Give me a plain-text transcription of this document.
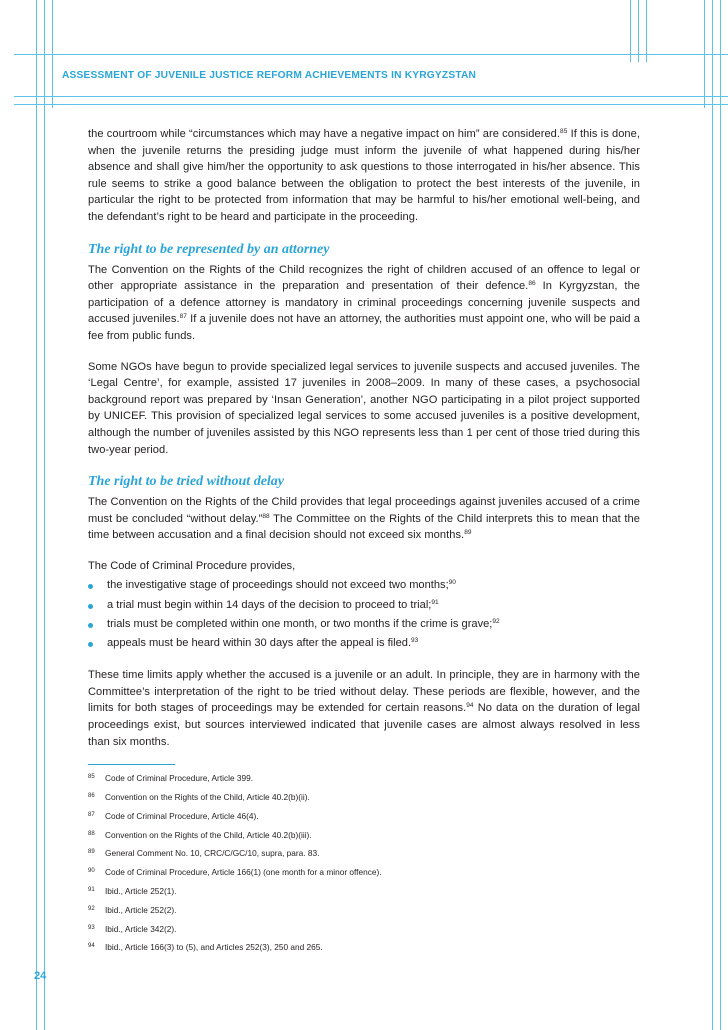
ASSESSMENT OF JUVENILE JUSTICE REFORM ACHIEVEMENTS IN KYRGYZSTAN

the courtroom while “circumstances which may have a negative impact on him” are considered.$^{85}$ If this is done, when the juvenile returns the presiding judge must inform the juvenile of what happened during his/her absence and shall give him/her the opportunity to ask questions to those interrogated in his/her absence. This rule seems to strike a good balance between the obligation to protect the best interests of the juvenile, in particular the right to be protected from information that may be harmful to his/her emotional well-being, and the defendant’s right to be heard and participate in the proceeding.

The right to be represented by an attorney

The Convention on the Rights of the Child recognizes the right of children accused of an offence to legal or other appropriate assistance in the preparation and presentation of their defence.$^{86}$ In Kyrgyzstan, the participation of a defence attorney is mandatory in criminal proceedings concerning juvenile suspects and accused juveniles.$^{87}$ If a juvenile does not have an attorney, the authorities must appoint one, who will be paid a fee from public funds.

Some NGOs have begun to provide specialized legal services to juvenile suspects and accused juveniles. The ‘Legal Centre’, for example, assisted 17 juveniles in 2008–2009. In many of these cases, a psychosocial background report was prepared by ‘Insan Generation’, another NGO participating in a pilot project supported by UNICEF. This provision of specialized legal services to some accused juveniles is a positive development, although the number of juveniles assisted by this NGO represents less than 1 per cent of those tried during this two-year period.

The right to be tried without delay

The Convention on the Rights of the Child provides that legal proceedings against juveniles accused of a crime must be concluded “without delay.”$^{88}$ The Committee on the Rights of the Child interprets this to mean that the time between accusation and a final decision should not exceed six months.$^{89}$

The Code of Criminal Procedure provides,

the investigative stage of proceedings should not exceed two months;$^{90}$
a trial must begin within 14 days of the decision to proceed to trial;$^{91}$
trials must be completed within one month, or two months if the crime is grave;$^{92}$
appeals must be heard within 30 days after the appeal is filed.$^{93}$

These time limits apply whether the accused is a juvenile or an adult. In principle, they are in harmony with the Committee’s interpretation of the right to be tried without delay. These periods are flexible, however, and the limits for both stages of proceedings may be extended for certain reasons.$^{94}$ No data on the duration of legal proceedings exist, but sources interviewed indicated that juvenile cases are almost always resolved in less than six months.

85	Code of Criminal Procedure, Article 399.
86	Convention on the Rights of the Child, Article 40.2(b)(ii).
87	Code of Criminal Procedure, Article 46(4).
88	Convention on the Rights of the Child, Article 40.2(b)(iii).
89	General Comment No. 10, CRC/C/GC/10, supra, para. 83.
90	Code of Criminal Procedure, Article 166(1) (one month for a minor offence).
91	Ibid., Article 252(1).
92	Ibid., Article 252(2).
93	Ibid., Article 342(2).
94	Ibid., Article 166(3) to (5), and Articles 252(3), 250 and 265.
24
